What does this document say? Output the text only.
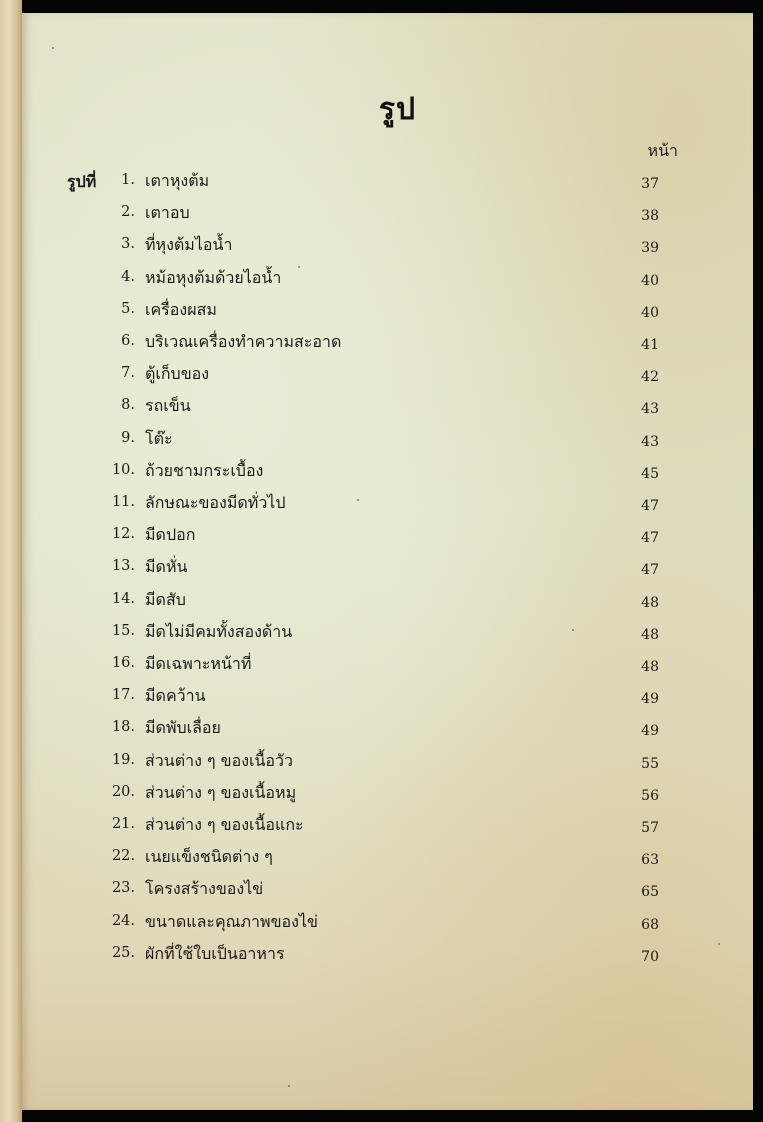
รูป
หน้า
รูปที่	1. เตาหุงต้ม	37
2. เตาอบ	38
3. ที่หุงต้มไอน้ำ	39
4. หม้อหุงต้มด้วยไอน้ำ	40
5. เครื่องผสม	40
6. บริเวณเครื่องทำความสะอาด	41
7. ตู้เก็บของ	42
8. รถเข็น	43
9. โต๊ะ	43
10. ถ้วยชามกระเบื้อง	45
11. ลักษณะของมีดทั่วไป	47
12. มีดปอก	47
13. มีดหั่น	47
14. มีดสับ	48
15. มีดไม่มีคมทั้งสองด้าน	48
16. มีดเฉพาะหน้าที่	48
17. มีดคว้าน	49
18. มีดพับเลื่อย	49
19. ส่วนต่าง ๆ ของเนื้อวัว	55
20. ส่วนต่าง ๆ ของเนื้อหมู	56
21. ส่วนต่าง ๆ ของเนื้อแกะ	57
22. เนยแข็งชนิดต่าง ๆ	63
23. โครงสร้างของไข่	65
24. ขนาดและคุณภาพของไข่	68
25. ผักที่ใช้ใบเป็นอาหาร	70
